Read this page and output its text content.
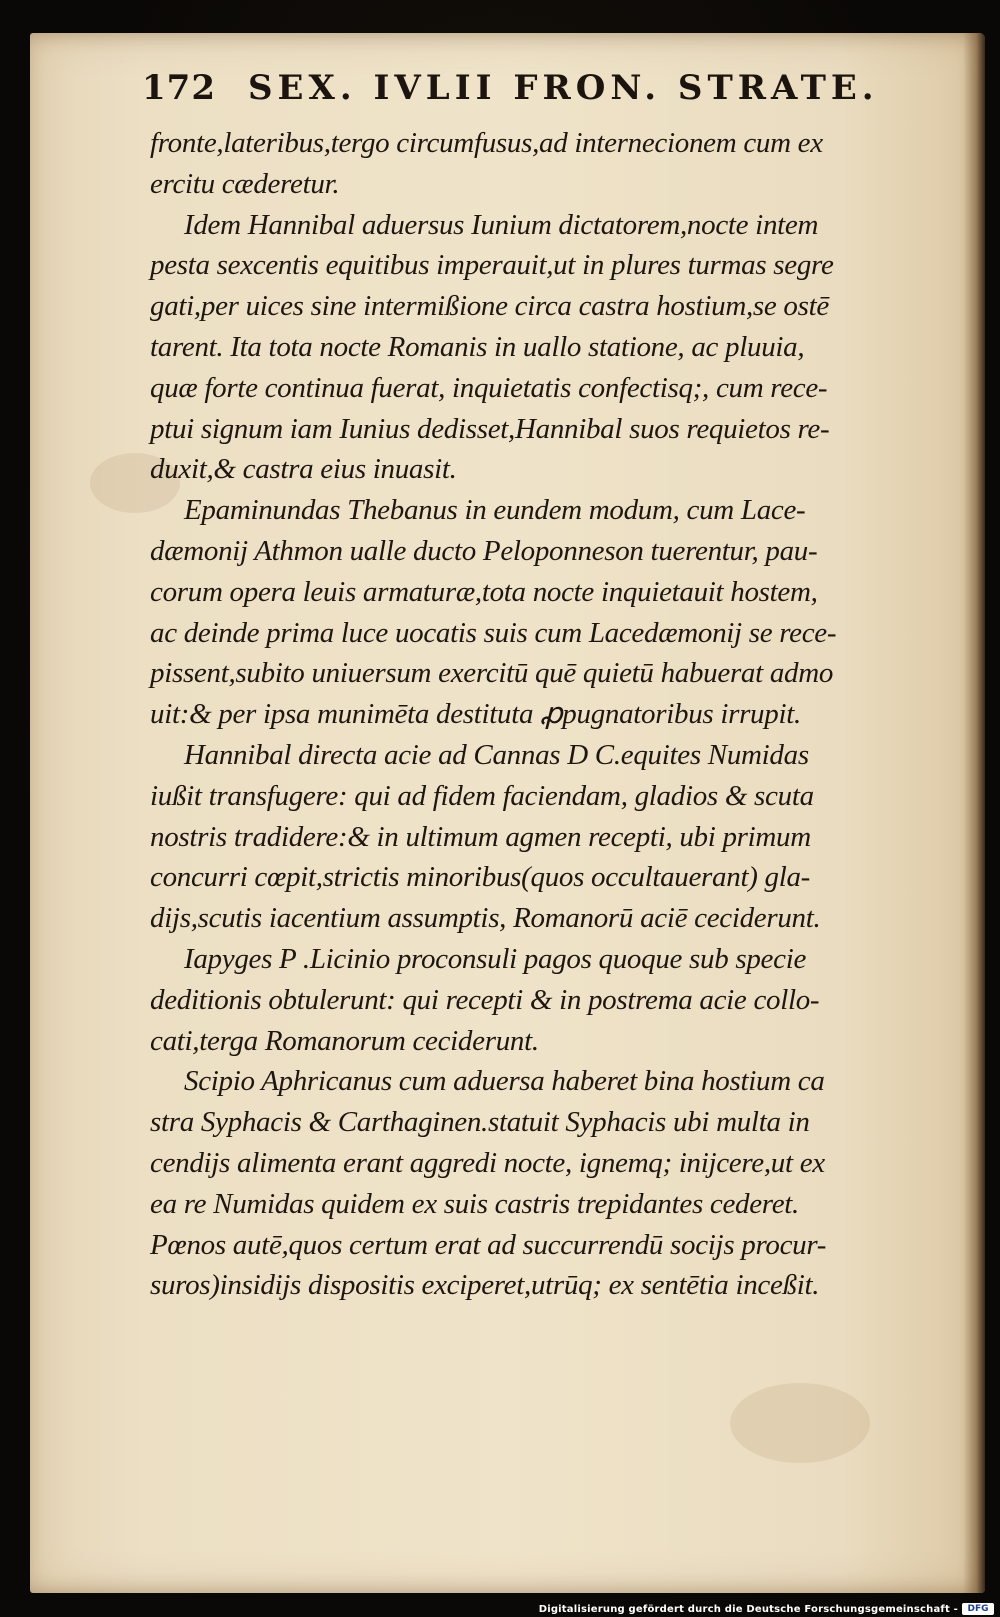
172 SEX. IVLII FRON. STRATE.
fronte,lateribus,tergo circumfusus,ad internecionem cum ex
ercitu cæderetur.
Idem Hannibal aduersus Iunium dictatorem,nocte intem
pesta sexcentis equitibus imperauit,ut in plures turmas segre
gati,per uices sine intermißione circa castra hostium,se ostē
tarent. Ita tota nocte Romanis in uallo statione, ac pluuia,
quæ forte continua fuerat, inquietatis confectisq;, cum rece-
ptui signum iam Iunius dedisset,Hannibal suos requietos re-
duxit,& castra eius inuasit.
Epaminundas Thebanus in eundem modum, cum Lace-
dæmonij Athmon ualle ducto Peloponneson tuerentur, pau-
corum opera leuis armaturæ,tota nocte inquietauit hostem,
ac deinde prima luce uocatis suis cum Lacedæmonij se rece-
pissent,subito uniuersum exercitū quē quietū habuerat admo
uit:& per ipsa munimēta destituta ꝓpugnatoribus irrupit.
Hannibal directa acie ad Cannas D C.equites Numidas
iußit transfugere: qui ad fidem faciendam, gladios & scuta
nostris tradidere:& in ultimum agmen recepti, ubi primum
concurri cœpit,strictis minoribus(quos occultauerant) gla-
dijs,scutis iacentium assumptis, Romanorū aciē ceciderunt.
Iapyges P .Licinio proconsuli pagos quoque sub specie
deditionis obtulerunt: qui recepti & in postrema acie collo-
cati,terga Romanorum ceciderunt.
Scipio Aphricanus cum aduersa haberet bina hostium ca
stra Syphacis & Carthaginen.statuit Syphacis ubi multa in
cendijs alimenta erant aggredi nocte, ignemq; inijcere,ut ex
ea re Numidas quidem ex suis castris trepidantes cederet.
Pœnos autē,quos certum erat ad succurrendū socijs procur-
suros)insidijs dispositis exciperet,utrūq; ex sentētia inceßit.
Digitalisierung gefördert durch die Deutsche Forschungsgemeinschaft -	DFG
